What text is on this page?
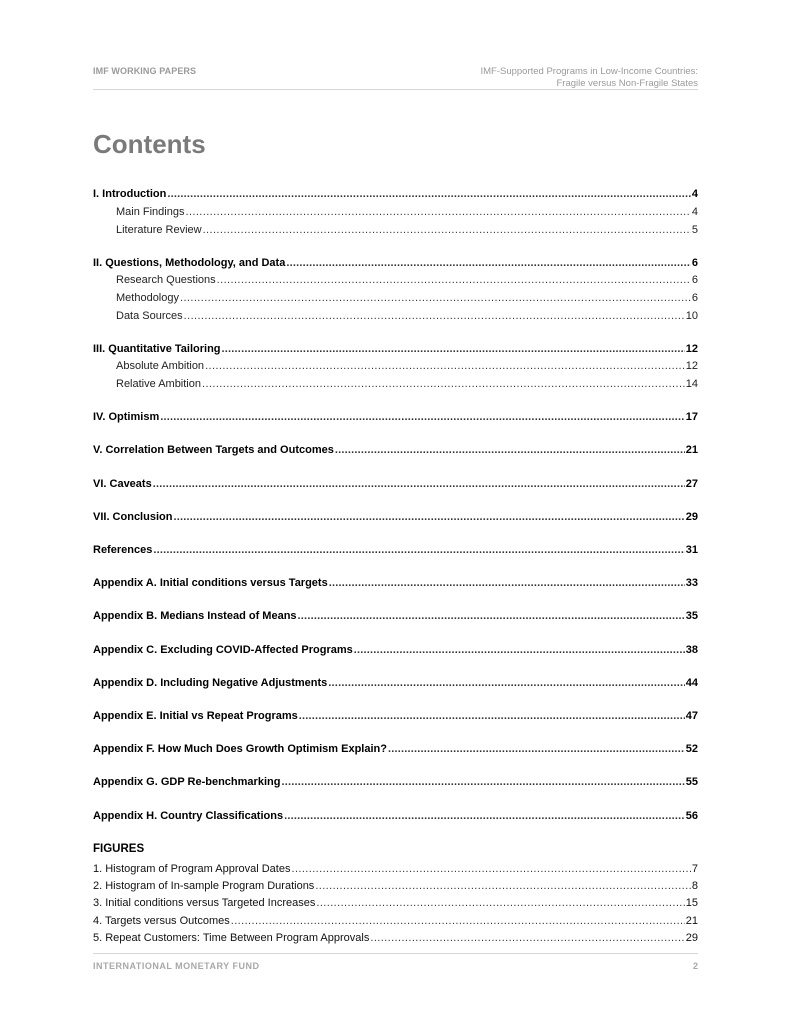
IMF WORKING PAPERS	IMF-Supported Programs in Low-Income Countries:
Fragile versus Non-Fragile States
Contents
I. Introduction .....	4
Main Findings .....	4
Literature Review .....	5
II. Questions, Methodology, and Data .....	6
Research Questions .....	6
Methodology .....	6
Data Sources .....	10
III. Quantitative Tailoring .....	12
Absolute Ambition .....	12
Relative Ambition .....	14
IV. Optimism .....	17
V. Correlation Between Targets and Outcomes .....	21
VI. Caveats .....	27
VII. Conclusion .....	29
References .....	31
Appendix A. Initial conditions versus Targets .....	33
Appendix B. Medians Instead of Means .....	35
Appendix C. Excluding COVID-Affected Programs .....	38
Appendix D. Including Negative Adjustments .....	44
Appendix E. Initial vs Repeat Programs .....	47
Appendix F. How Much Does Growth Optimism Explain? .....	52
Appendix G. GDP Re-benchmarking .....	55
Appendix H. Country Classifications .....	56
FIGURES
1. Histogram of Program Approval Dates .....	7
2. Histogram of In-sample Program Durations .....	8
3. Initial conditions versus Targeted Increases .....	15
4. Targets versus Outcomes .....	21
5. Repeat Customers: Time Between Program Approvals .....	29
INTERNATIONAL MONETARY FUND	2
